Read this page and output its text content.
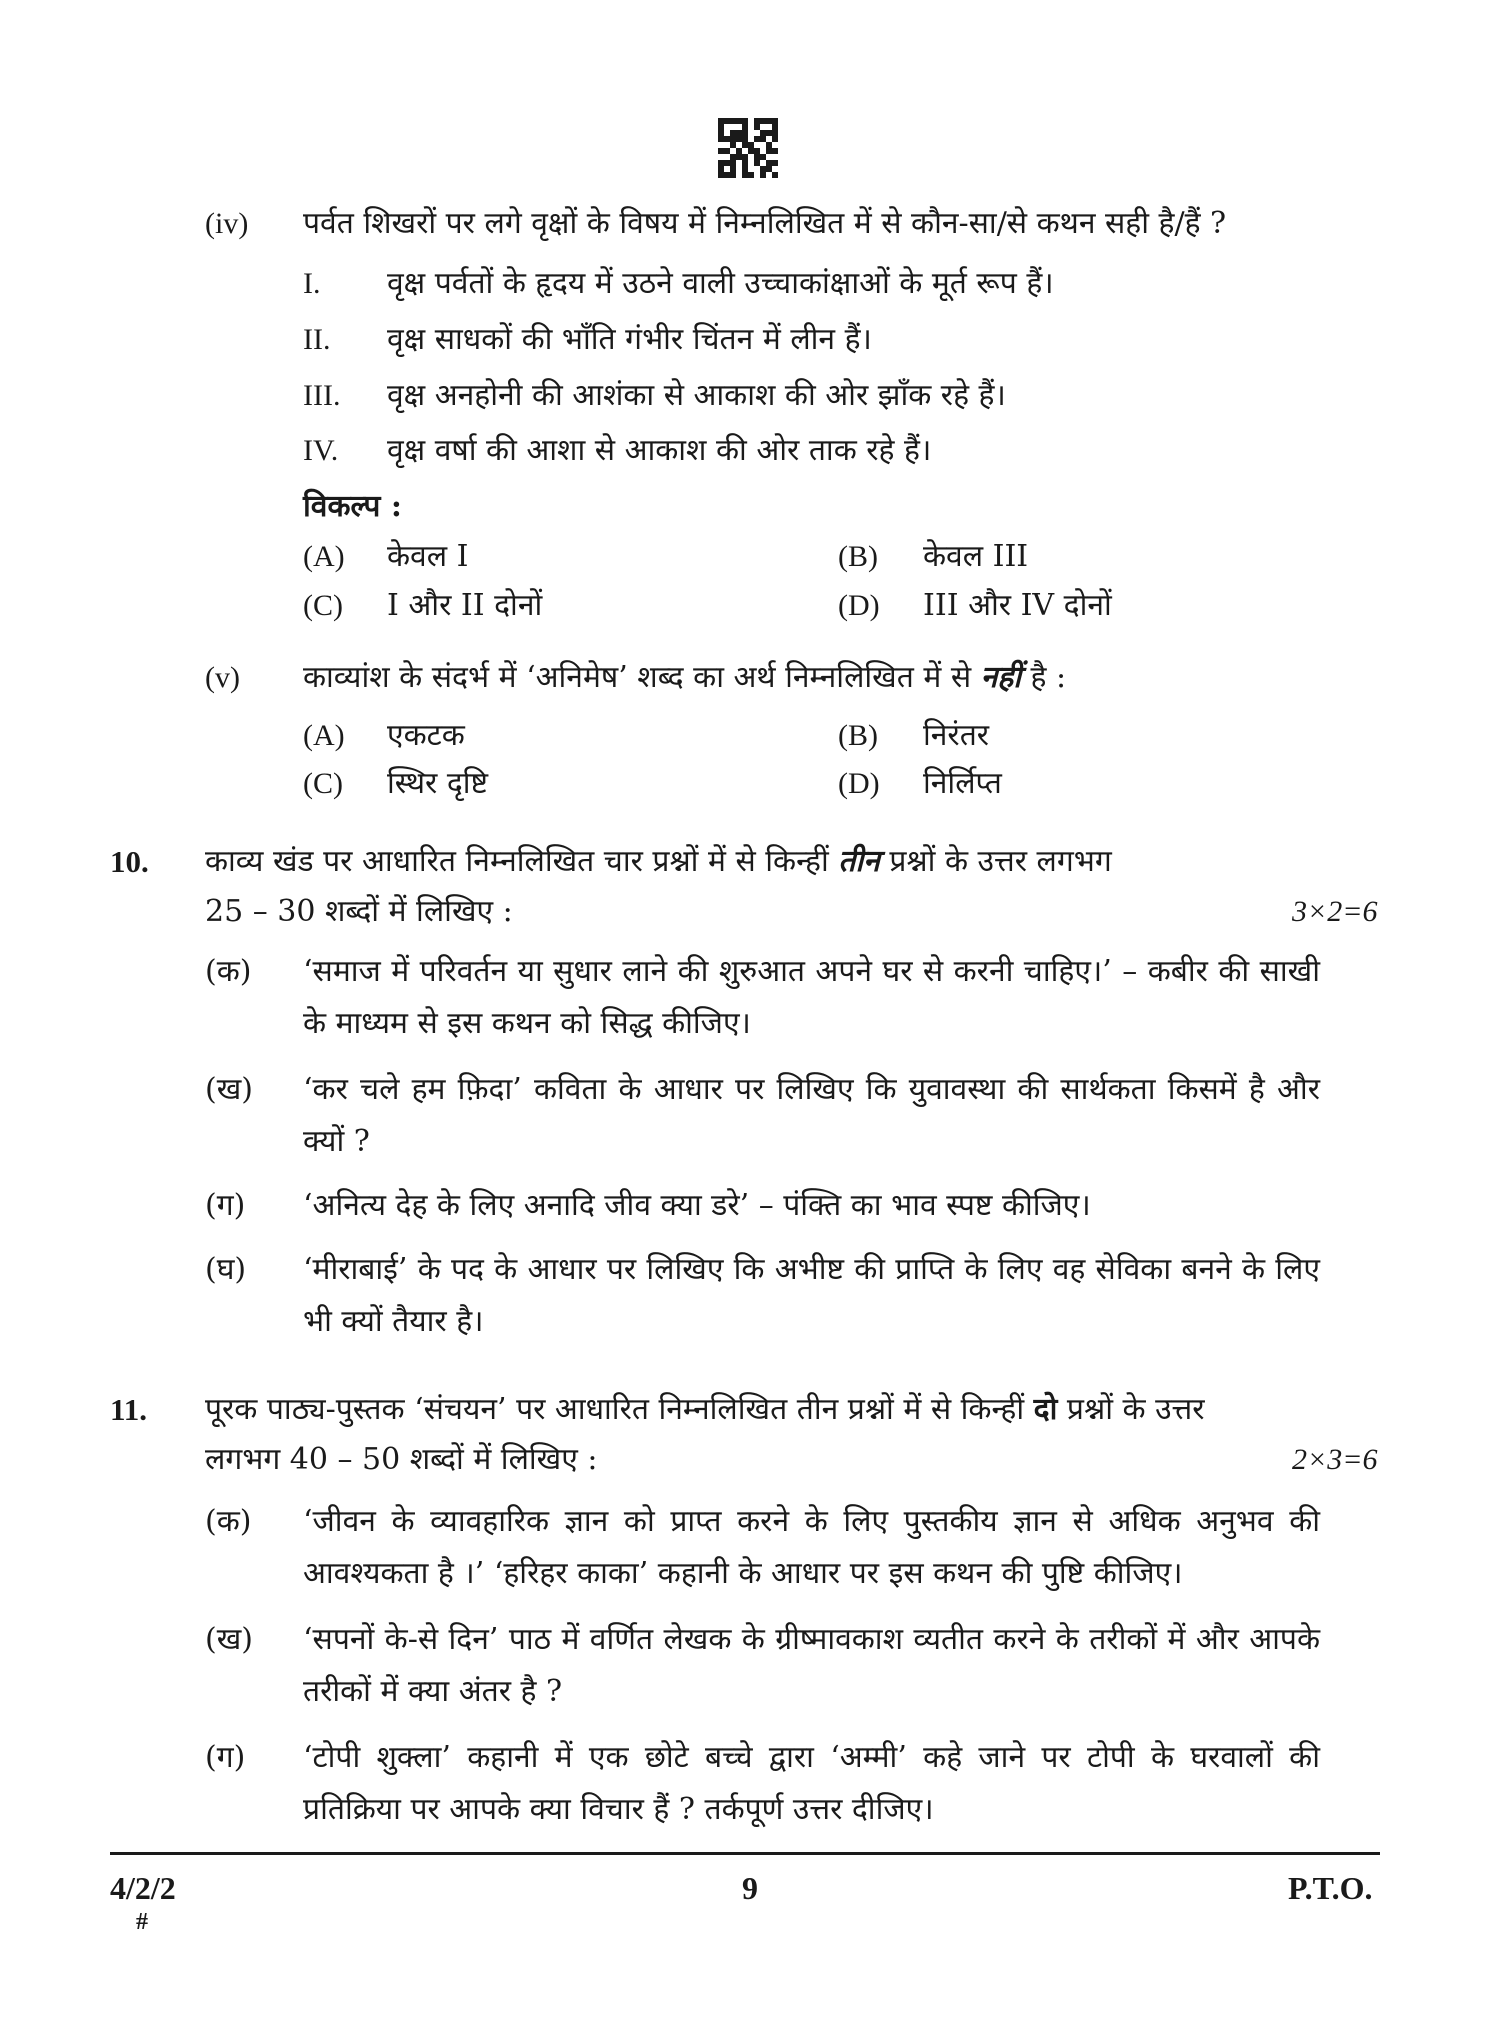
(iv) पर्वत शिखरों पर लगे वृक्षों के विषय में निम्नलिखित में से कौन-सा/से कथन सही है/हैं ?
I. वृक्ष पर्वतों के हृदय में उठने वाली उच्चाकांक्षाओं के मूर्त रूप हैं।
II. वृक्ष साधकों की भाँति गंभीर चिंतन में लीन हैं।
III. वृक्ष अनहोनी की आशंका से आकाश की ओर झाँक रहे हैं।
IV. वृक्ष वर्षा की आशा से आकाश की ओर ताक रहे हैं।
विकल्प :
(A) केवल I	(B) केवल III
(C) I और II दोनों	(D) III और IV दोनों
(v) काव्यांश के संदर्भ में ‘अनिमेष’ शब्द का अर्थ निम्नलिखित में से नहीं है :
(A) एकटक	(B) निरंतर
(C) स्थिर दृष्टि	(D) निर्लिप्त
10. काव्य खंड पर आधारित निम्नलिखित चार प्रश्नों में से किन्हीं तीन प्रश्नों के उत्तर लगभग
25 – 30 शब्दों में लिखिए :	3×2=6
(क) ‘समाज में परिवर्तन या सुधार लाने की शुरुआत अपने घर से करनी चाहिए।’ – कबीर की साखी के माध्यम से इस कथन को सिद्ध कीजिए।
(ख) ‘कर चले हम फ़िदा’ कविता के आधार पर लिखिए कि युवावस्था की सार्थकता किसमें है और क्यों ?
(ग) ‘अनित्य देह के लिए अनादि जीव क्या डरे’ – पंक्ति का भाव स्पष्ट कीजिए।
(घ) ‘मीराबाई’ के पद के आधार पर लिखिए कि अभीष्ट की प्राप्ति के लिए वह सेविका बनने के लिए भी क्यों तैयार है।
11. पूरक पाठ्य-पुस्तक ‘संचयन’ पर आधारित निम्नलिखित तीन प्रश्नों में से किन्हीं दो प्रश्नों के उत्तर
लगभग 40 – 50 शब्दों में लिखिए :	2×3=6
(क) ‘जीवन के व्यावहारिक ज्ञान को प्राप्त करने के लिए पुस्तकीय ज्ञान से अधिक अनुभव की आवश्यकता है ।’ ‘हरिहर काका’ कहानी के आधार पर इस कथन की पुष्टि कीजिए।
(ख) ‘सपनों के-से दिन’ पाठ में वर्णित लेखक के ग्रीष्मावकाश व्यतीत करने के तरीकों में और आपके तरीकों में क्या अंतर है ?
(ग) ‘टोपी शुक्ला’ कहानी में एक छोटे बच्चे द्वारा ‘अम्मी’ कहे जाने पर टोपी के घरवालों की प्रतिक्रिया पर आपके क्या विचार हैं ? तर्कपूर्ण उत्तर दीजिए।
4/2/2
#
9	P.T.O.
